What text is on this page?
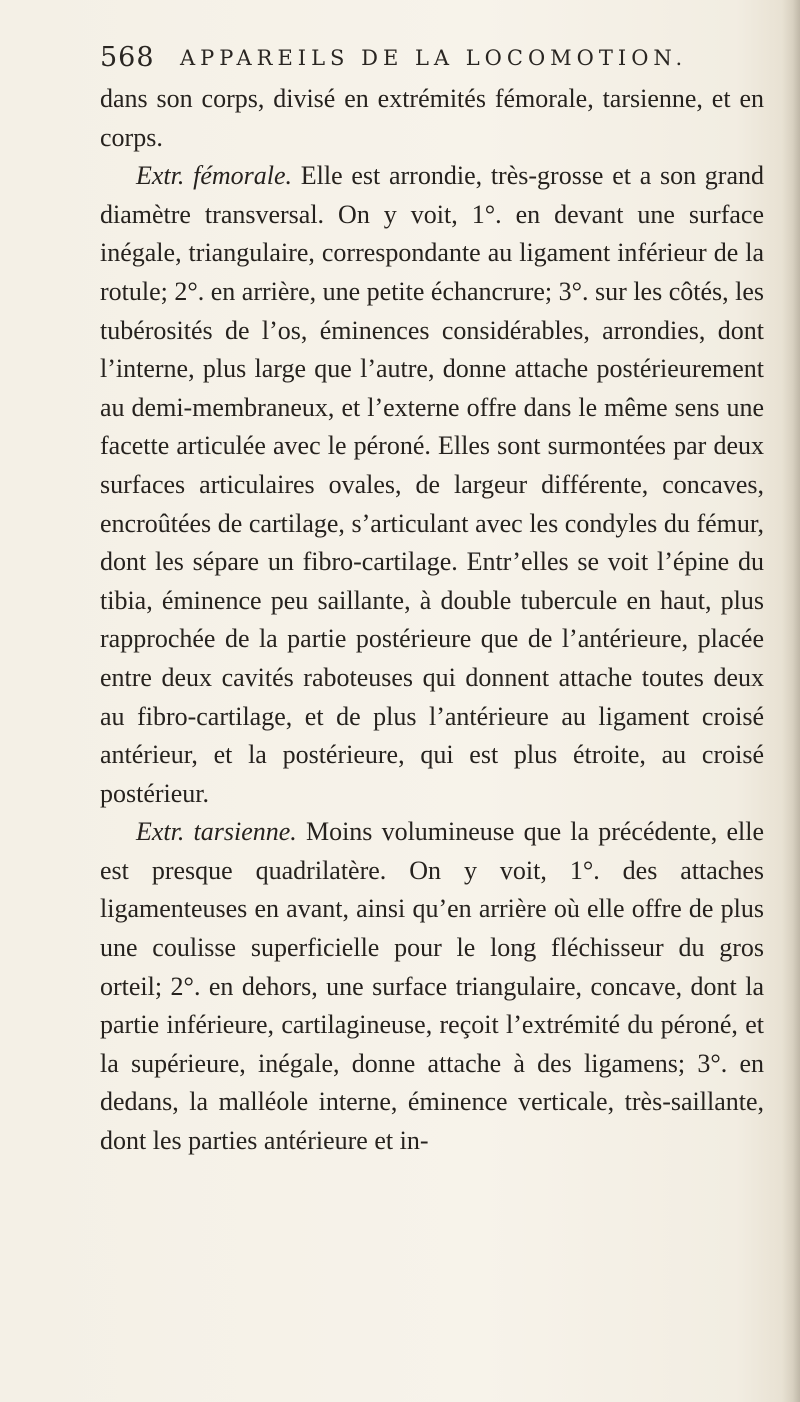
568 APPAREILS DE LA LOCOMOTION.

dans son corps, divisé en extrémités fémorale, tarsienne, et en corps.

Extr. fémorale. Elle est arrondie, très-grosse et a son grand diamètre transversal. On y voit, 1°. en devant une surface inégale, triangulaire, correspondante au ligament inférieur de la rotule; 2°. en arrière, une petite échancrure; 3°. sur les côtés, les tubérosités de l’os, éminences considérables, arrondies, dont l’interne, plus large que l’autre, donne attache postérieurement au demi-membraneux, et l’externe offre dans le même sens une facette articulée avec le péroné. Elles sont surmontées par deux surfaces articulaires ovales, de largeur différente, concaves, encroûtées de cartilage, s’articulant avec les condyles du fémur, dont les sépare un fibro-cartilage. Entr’elles se voit l’épine du tibia, éminence peu saillante, à double tubercule en haut, plus rapprochée de la partie postérieure que de l’antérieure, placée entre deux cavités raboteuses qui donnent attache toutes deux au fibro-cartilage, et de plus l’antérieure au ligament croisé antérieur, et la postérieure, qui est plus étroite, au croisé postérieur.

Extr. tarsienne. Moins volumineuse que la précédente, elle est presque quadrilatère. On y voit, 1°. des attaches ligamenteuses en avant, ainsi qu’en arrière où elle offre de plus une coulisse superficielle pour le long fléchisseur du gros orteil; 2°. en dehors, une surface triangulaire, concave, dont la partie inférieure, cartilagineuse, reçoit l’extrémité du péroné, et la supérieure, inégale, donne attache à des ligamens; 3°. en dedans, la malléole interne, éminence verticale, très-saillante, dont les parties antérieure et in-
